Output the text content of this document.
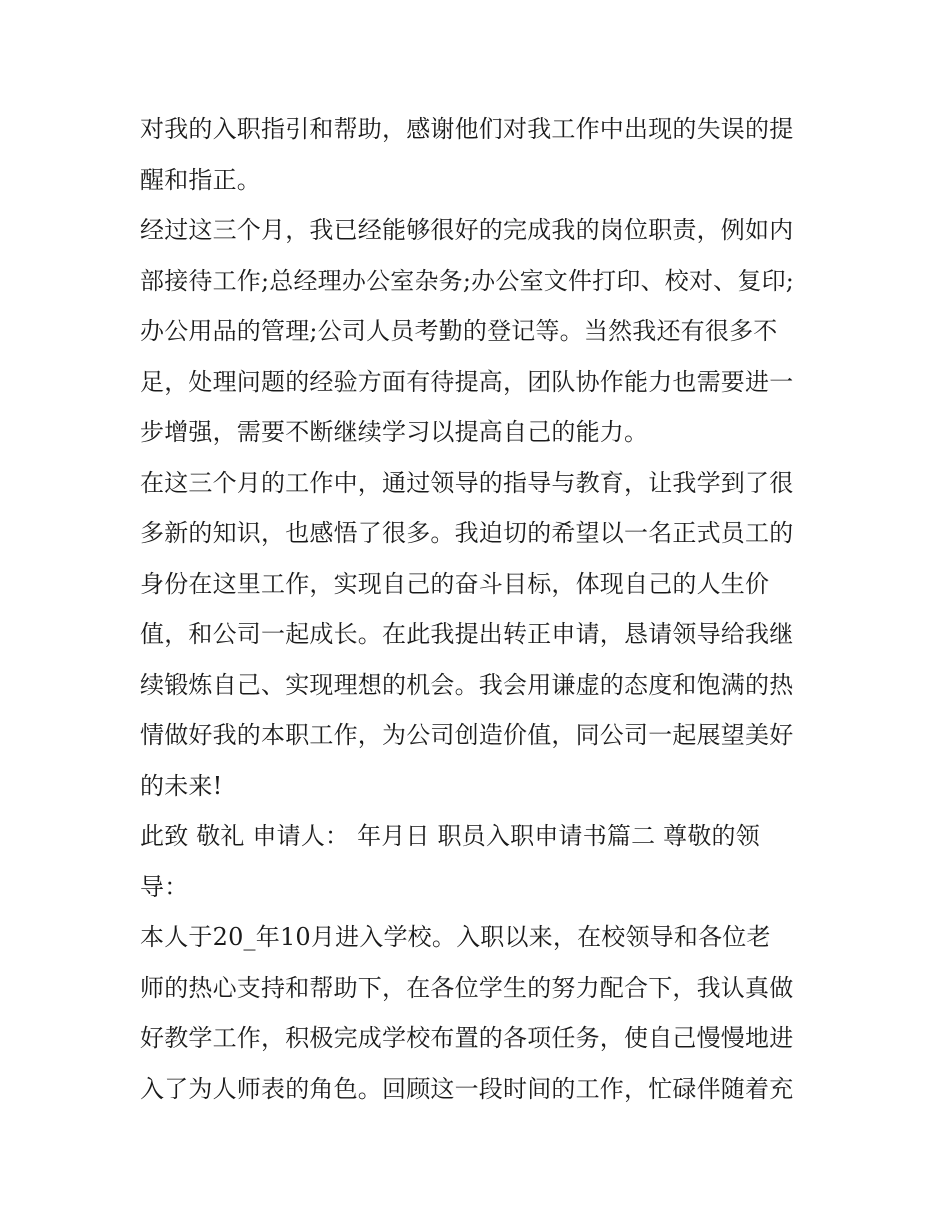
对我的入职指引和帮助，感谢他们对我工作中出现的失误的提
醒和指正。
经过这三个月，我已经能够很好的完成我的岗位职责，例如内
部接待工作;总经理办公室杂务;办公室文件打印、校对、复印;
办公用品的管理;公司人员考勤的登记等。当然我还有很多不
足，处理问题的经验方面有待提高，团队协作能力也需要进一
步增强，需要不断继续学习以提高自己的能力。
在这三个月的工作中，通过领导的指导与教育，让我学到了很
多新的知识，也感悟了很多。我迫切的希望以一名正式员工的
身份在这里工作，实现自己的奋斗目标，体现自己的人生价
值，和公司一起成长。在此我提出转正申请，恳请领导给我继
续锻炼自己、实现理想的机会。我会用谦虚的态度和饱满的热
情做好我的本职工作，为公司创造价值，同公司一起展望美好
的未来!
此致 敬礼 申请人： 年月日 职员入职申请书篇二 尊敬的领
导：
本人于20_年10月进入学校。入职以来，在校领导和各位老
师的热心支持和帮助下，在各位学生的努力配合下，我认真做
好教学工作，积极完成学校布置的各项任务，使自己慢慢地进
入了为人师表的角色。回顾这一段时间的工作，忙碌伴随着充
